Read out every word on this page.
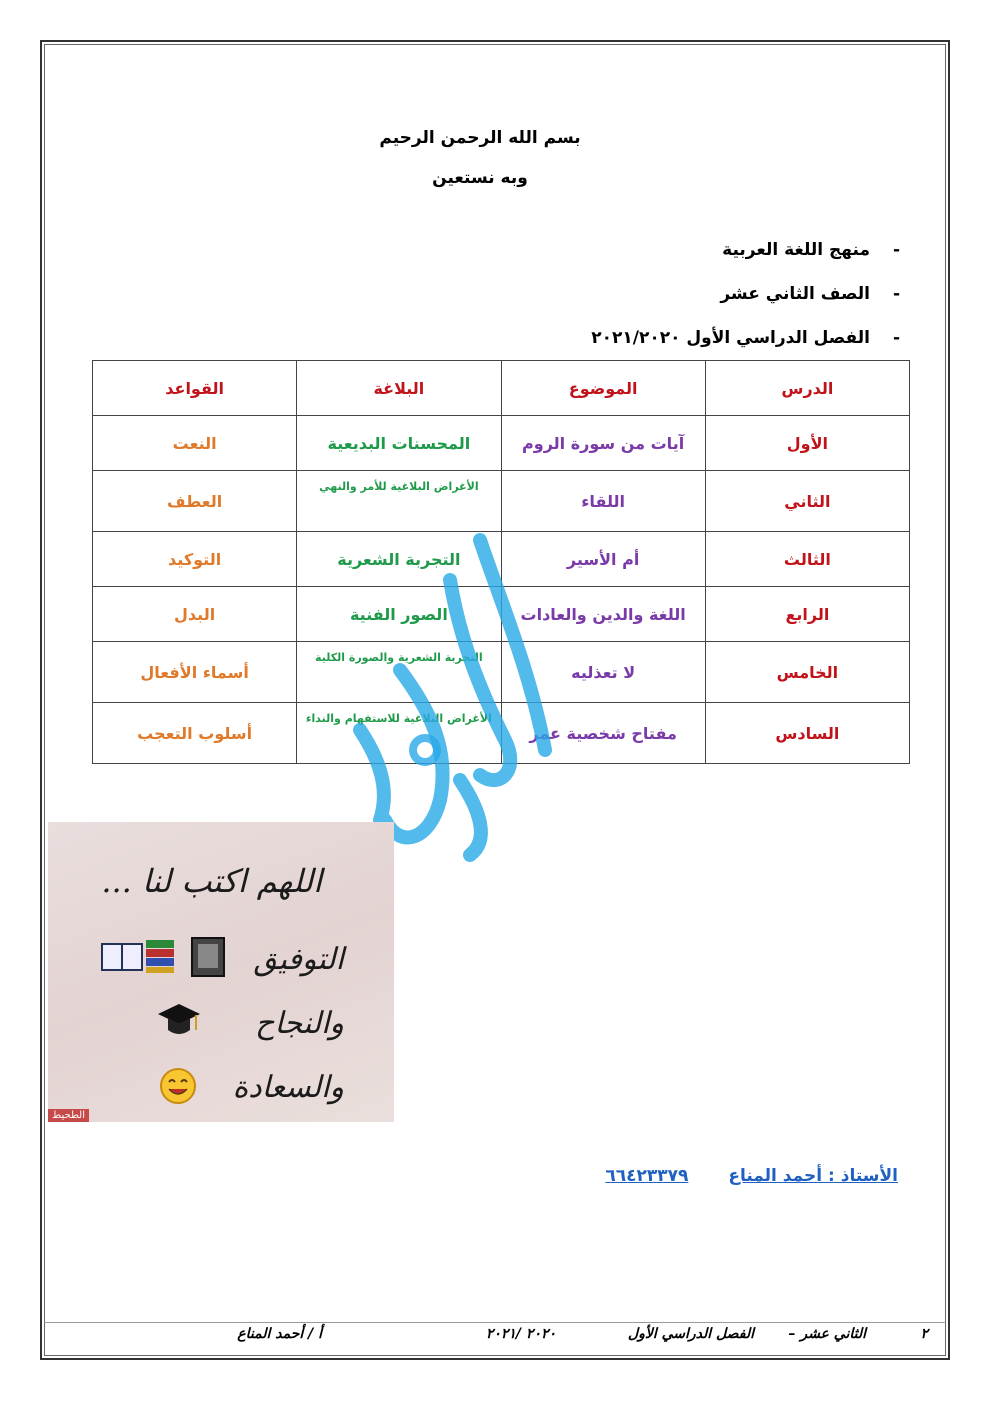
بسم الله الرحمن الرحيم
وبه نستعين
-منهج اللغة العربية
-الصف الثاني عشر
-الفصل الدراسي الأول ٢٠٢١/٢٠٢٠
الدرس	الموضوع	البلاغة	القواعد
الأول	آيات من سورة الروم	المحسنات البديعية	النعت
الثاني	اللقاء	الأغراض البلاغية للأمر والنهي	العطف
الثالث	أم الأسير	التجربة الشعرية	التوكيد
الرابع	اللغة والدين والعادات	الصور الفنية	البدل
الخامس	لا تعذليه	التجربة الشعرية والصورة الكلية	أسماء الأفعال
السادس	مفتاح شخصية عمر	الأغراض البلاغية للاستفهام والنداء	أسلوب التعجب
اللهم اكتب لنا ...
التوفيق
والنجاح
والسعادة
الطحيط
الأستاذ : أحمد المناع٦٦٤٢٣٣٧٩
٢
الثاني عشر –
الفصل الدراسي الأول
٢٠٢٠ /٢٠٢١
أ / أحمد المناع
